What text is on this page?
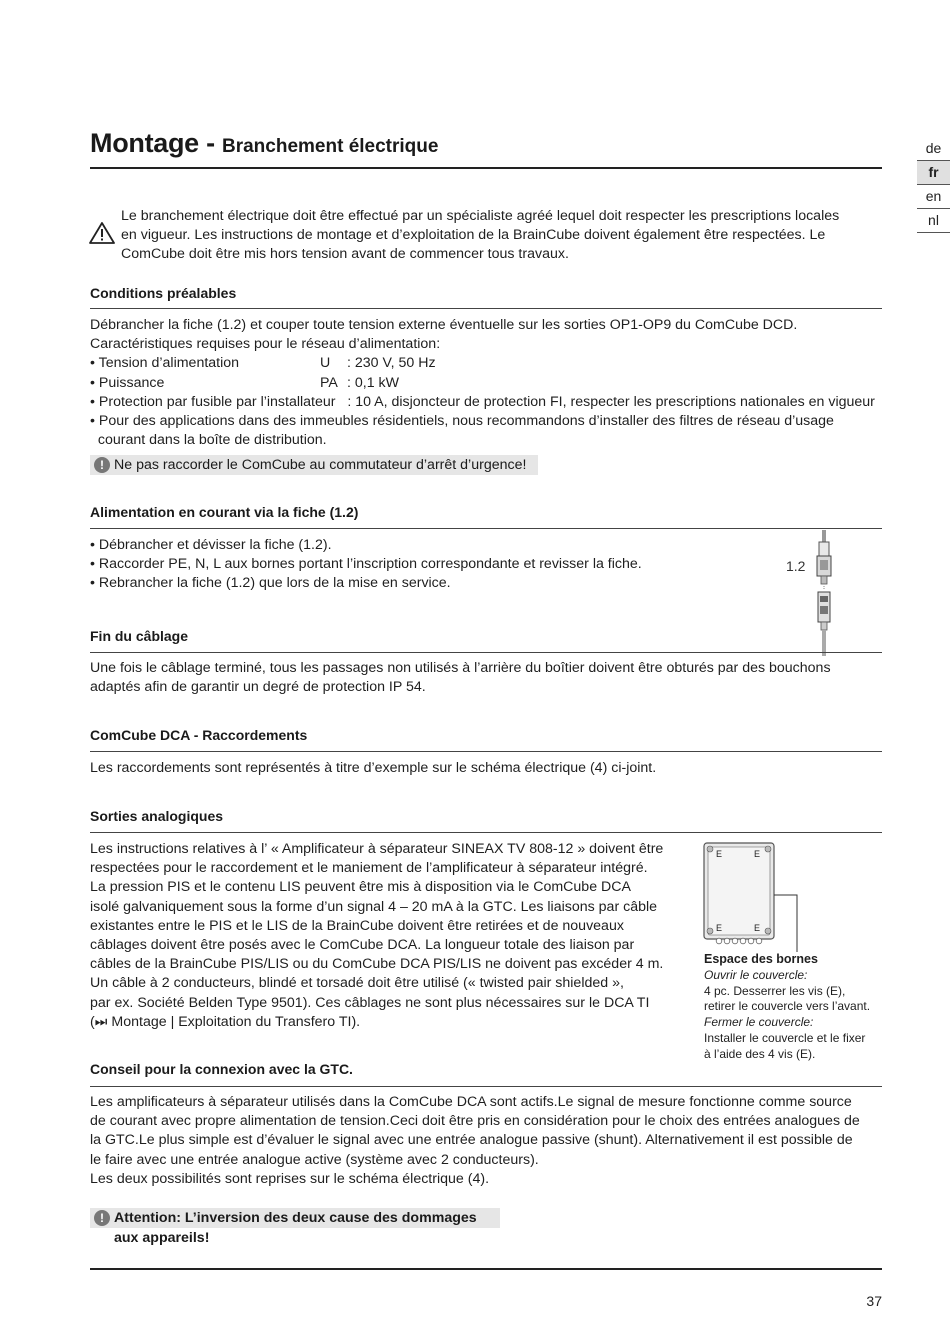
Montage - Branchement électrique	de
fr
en
nl
Le branchement électrique doit être effectué par un spécialiste agréé lequel doit respecter les prescriptions locales
en vigueur. Les instructions de montage et d’exploitation de la BrainCube doivent également être respectées. Le
ComCube doit être mis hors tension avant de commencer tous travaux.
Conditions préalables
Débrancher la fiche (1.2) et couper toute tension externe éventuelle sur les sorties OP1-OP9 du ComCube DCD.
Caractéristiques requises pour le réseau d’alimentation:
• Tension d’alimentation	U : 230 V, 50 Hz
• Puissance	PA : 0,1 kW
• Protection par fusible par l’installateur   : 10 A, disjoncteur de protection FI, respecter les prescriptions nationales en vigueur
• Pour des applications dans des immeubles résidentiels, nous recommandons d’installer des filtres de réseau d’usage
courant dans la boîte de distribution.
! Ne pas raccorder le ComCube au commutateur d’arrêt d’urgence!
Alimentation en courant via la fiche (1.2)
• Débrancher et dévisser la fiche (1.2).
• Raccorder PE, N, L aux bornes portant l’inscription correspondante et revisser la fiche.
• Rebrancher la fiche (1.2) que lors de la mise en service.
1.2
Fin du câblage
Une fois le câblage terminé, tous les passages non utilisés à l’arrière du boîtier doivent être obturés par des bouchons
adaptés afin de garantir un degré de protection IP 54.
ComCube DCA - Raccordements
Les raccordements sont représentés à titre d’exemple sur le schéma électrique (4) ci-joint.
Sorties analogiques
Les instructions relatives à l’ « Amplificateur à séparateur SINEAX TV 808-12 » doivent être
respectées pour le raccordement et le maniement de l’amplificateur à séparateur intégré.
La pression PIS et le contenu LIS peuvent être mis à disposition via le ComCube DCA
isolé galvaniquement sous la forme d’un signal 4 – 20 mA à la GTC. Les liaisons par câble
existantes entre le PIS et le LIS de la BrainCube doivent être retirées et de nouveaux
câblages doivent être posés avec le ComCube DCA. La longueur totale des liaison par
câbles de la BrainCube PIS/LIS ou du ComCube DCA PIS/LIS ne doivent pas excéder 4 m.
Un câble à 2 conducteurs, blindé et torsadé doit être utilisé (« twisted pair shielded »,
par ex. Société Belden Type 9501). Ces câblages ne sont plus nécessaires sur le DCA TI
(⏭ Montage | Exploitation du Transfero TI).
E	E
E	E
Espace des bornes
Ouvrir le couvercle:
4 pc. Desserrer les vis (E),
retirer le couvercle vers l’avant.
Fermer le couvercle:
Installer le couvercle et le fixer
à l’aide des 4 vis (E).
Conseil pour la connexion avec la GTC.
Les amplificateurs à séparateur utilisés dans la ComCube DCA sont actifs.Le signal de mesure fonctionne comme source
de courant avec propre alimentation de tension.Ceci doit être pris en considération pour le choix des entrées analogues de
la GTC.Le plus simple est d’évaluer le signal avec une entrée analogue passive (shunt). Alternativement il est possible de
le faire avec une entrée analogue active (système avec 2 conducteurs).
Les deux possibilités sont reprises sur le schéma électrique (4).
! Attention: L’inversion des deux cause des dommages aux appareils!
37
